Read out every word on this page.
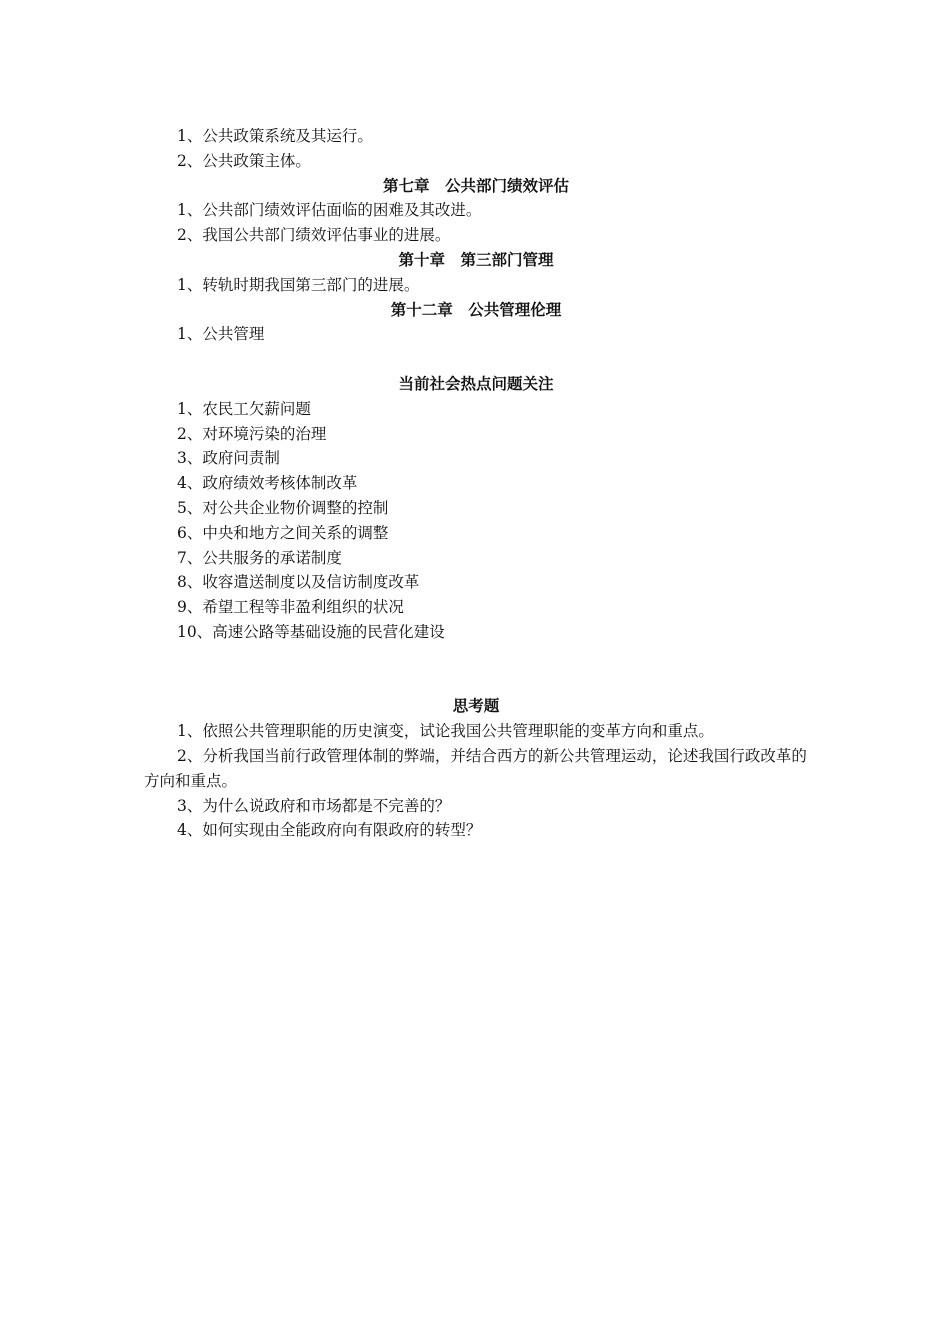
1、公共政策系统及其运行。
2、公共政策主体。
第七章　公共部门绩效评估
1、公共部门绩效评估面临的困难及其改进。
2、我国公共部门绩效评估事业的进展。
第十章　第三部门管理
1、转轨时期我国第三部门的进展。
第十二章　公共管理伦理
1、公共管理
当前社会热点问题关注
1、农民工欠薪问题
2、对环境污染的治理
3、政府问责制
4、政府绩效考核体制改革
5、对公共企业物价调整的控制
6、中央和地方之间关系的调整
7、公共服务的承诺制度
8、收容遣送制度以及信访制度改革
9、希望工程等非盈利组织的状况
10、高速公路等基础设施的民营化建设
思考题
1、依照公共管理职能的历史演变，试论我国公共管理职能的变革方向和重点。
2、分析我国当前行政管理体制的弊端，并结合西方的新公共管理运动，论述我国行政改革的方向和重点。
3、为什么说政府和市场都是不完善的？
4、如何实现由全能政府向有限政府的转型？
